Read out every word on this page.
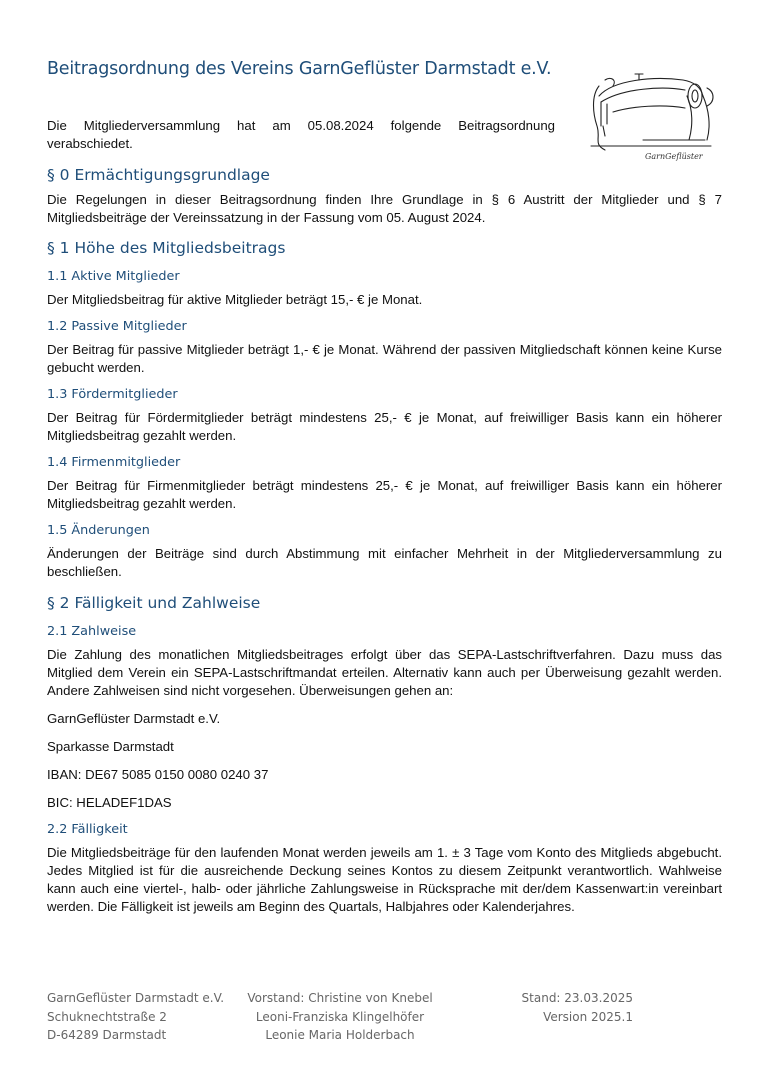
Beitragsordnung des Vereins GarnGeflüster Darmstadt e.V.
Die Mitgliederversammlung hat am 05.08.2024 folgende Beitragsordnung verabschiedet.
GarnGeflüster
§ 0 Ermächtigungsgrundlage
Die Regelungen in dieser Beitragsordnung finden Ihre Grundlage in § 6 Austritt der Mitglieder und § 7 Mitgliedsbeiträge der Vereinssatzung in der Fassung vom 05. August 2024.
§ 1 Höhe des Mitgliedsbeitrags
1.1 Aktive Mitglieder
Der Mitgliedsbeitrag für aktive Mitglieder beträgt 15,- € je Monat.
1.2 Passive Mitglieder
Der Beitrag für passive Mitglieder beträgt 1,- € je Monat. Während der passiven Mitgliedschaft können keine Kurse gebucht werden.
1.3 Fördermitglieder
Der Beitrag für Fördermitglieder beträgt mindestens 25,- € je Monat, auf freiwilliger Basis kann ein höherer Mitgliedsbeitrag gezahlt werden.
1.4 Firmenmitglieder
Der Beitrag für Firmenmitglieder beträgt mindestens 25,- € je Monat, auf freiwilliger Basis kann ein höherer Mitgliedsbeitrag gezahlt werden.
1.5 Änderungen
Änderungen der Beiträge sind durch Abstimmung mit einfacher Mehrheit in der Mitgliederversammlung zu beschließen.
§ 2 Fälligkeit und Zahlweise
2.1 Zahlweise
Die Zahlung des monatlichen Mitgliedsbeitrages erfolgt über das SEPA-Lastschriftverfahren. Dazu muss das Mitglied dem Verein ein SEPA-Lastschriftmandat erteilen. Alternativ kann auch per Überweisung gezahlt werden. Andere Zahlweisen sind nicht vorgesehen. Überweisungen gehen an:
GarnGeflüster Darmstadt e.V.
Sparkasse Darmstadt
IBAN: DE67 5085 0150 0080 0240 37
BIC: HELADEF1DAS
2.2 Fälligkeit
Die Mitgliedsbeiträge für den laufenden Monat werden jeweils am 1. ± 3 Tage vom Konto des Mitglieds abgebucht. Jedes Mitglied ist für die ausreichende Deckung seines Kontos zu diesem Zeitpunkt verantwortlich. Wahlweise kann auch eine viertel-, halb- oder jährliche Zahlungsweise in Rücksprache mit der/dem Kassenwart:in vereinbart werden. Die Fälligkeit ist jeweils am Beginn des Quartals, Halbjahres oder Kalenderjahres.
GarnGeflüster Darmstadt e.V.
Schuknechtstraße 2
D-64289 Darmstadt
Vorstand: Christine von Knebel
Leoni-Franziska Klingelhöfer
Leonie Maria Holderbach
Stand: 23.03.2025
Version 2025.1
